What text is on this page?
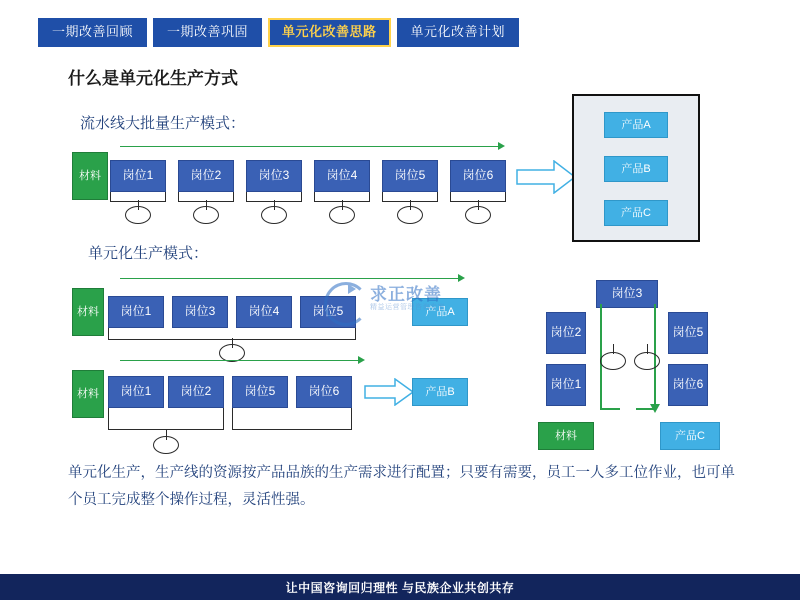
一期改善回顾	一期改善巩固	单元化改善思路	单元化改善计划
什么是单元化生产方式
流水线大批量生产模式：
单元化生产模式：
材料 岗位1	岗位2	岗位3	岗位4	岗位5	岗位6
产品A
产品B
产品C
材料 岗位1	岗位3	岗位4	岗位5	产品A
材料 岗位1 岗位2	岗位5	岗位6	产品B
岗位3
岗位2
岗位1
岗位5
岗位6
材料	产品C
求正改善
精益运营管理咨询专家
单元化生产，生产线的资源按产品品族的生产需求进行配置；只要有需要，员工一人多工位作业，也可单个员工完成整个操作过程，灵活性强。
让中国咨询回归理性 与民族企业共创共存
